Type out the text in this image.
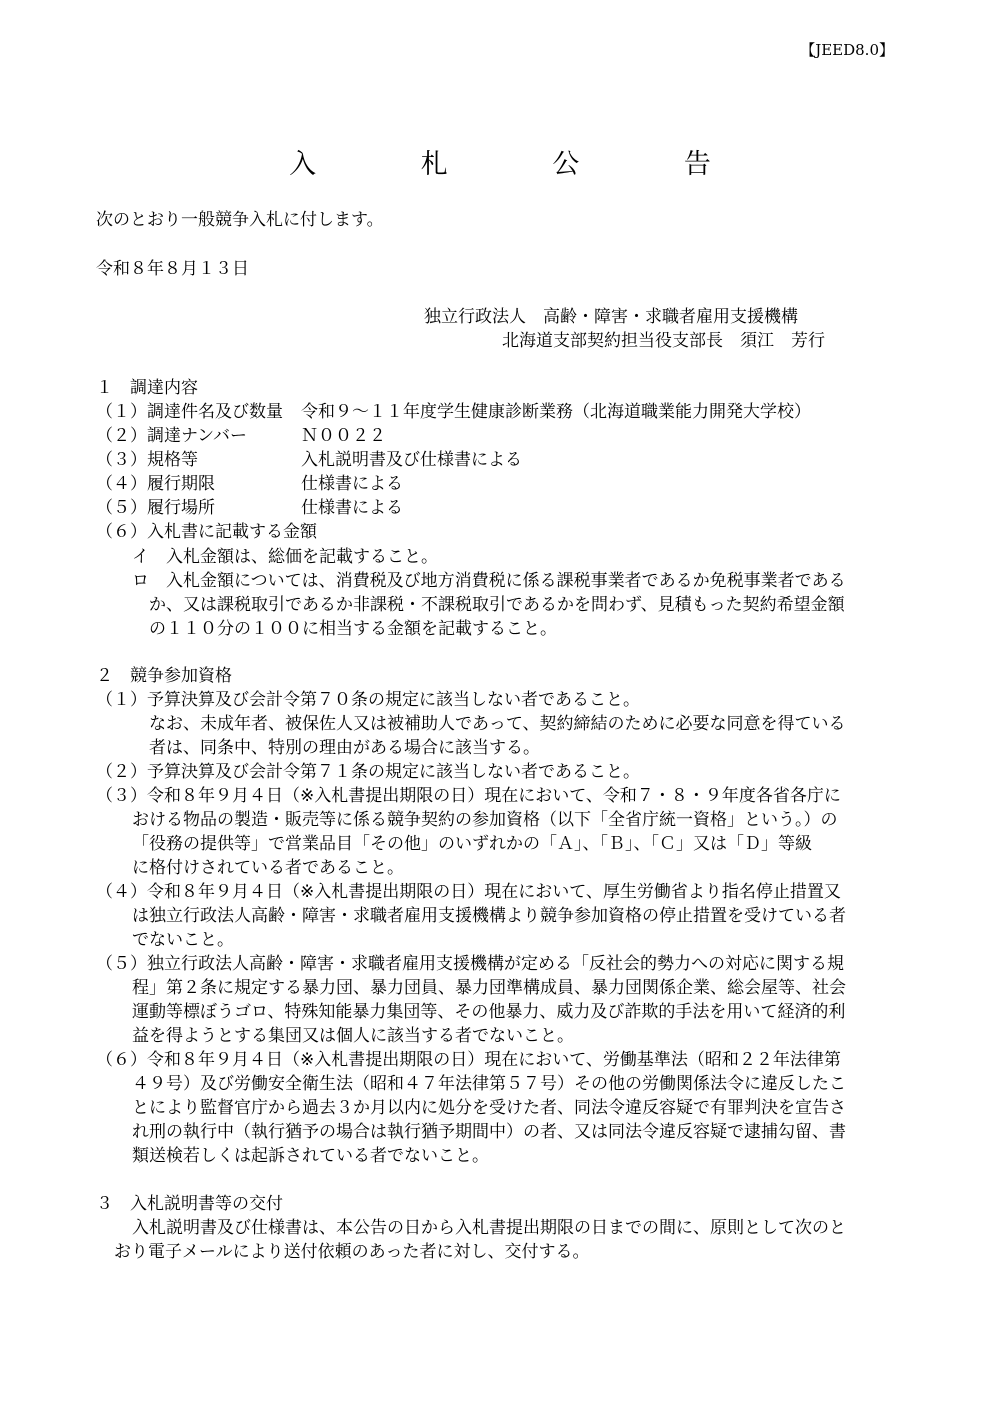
【JEED8.0】
入 札 公 告
次のとおり一般競争入札に付します。
令和８年８月１３日
独立行政法人　高齢・障害・求職者雇用支援機構
北海道支部契約担当役支部長　須江　芳行
１　調達内容
（１）調達件名及び数量 令和９～１１年度学生健康診断業務（北海道職業能力開発大学校）
（２）調達ナンバー	Ｎ００２２
（３）規格等	入札説明書及び仕様書による
（４）履行期限	仕様書による
（５）履行場所	仕様書による
（６）入札書に記載する金額
イ　入札金額は、総価を記載すること。
ロ　入札金額については、消費税及び地方消費税に係る課税事業者であるか免税事業者である
か、又は課税取引であるか非課税・不課税取引であるかを問わず、見積もった契約希望金額
の１１０分の１００に相当する金額を記載すること。
２　競争参加資格
（１）予算決算及び会計令第７０条の規定に該当しない者であること。
なお、未成年者、被保佐人又は被補助人であって、契約締結のために必要な同意を得ている
者は、同条中、特別の理由がある場合に該当する。
（２）予算決算及び会計令第７１条の規定に該当しない者であること。
（３）令和８年９月４日（※入札書提出期限の日）現在において、令和７・８・９年度各省各庁に
おける物品の製造・販売等に係る競争契約の参加資格（以下「全省庁統一資格」という。）の
「役務の提供等」で営業品目「その他」のいずれかの「Ａ」、「Ｂ」、「Ｃ」又は「Ｄ」等級
に格付けされている者であること。
（４）令和８年９月４日（※入札書提出期限の日）現在において、厚生労働省より指名停止措置又
は独立行政法人高齢・障害・求職者雇用支援機構より競争参加資格の停止措置を受けている者
でないこと。
（５）独立行政法人高齢・障害・求職者雇用支援機構が定める「反社会的勢力への対応に関する規
程」第２条に規定する暴力団、暴力団員、暴力団準構成員、暴力団関係企業、総会屋等、社会
運動等標ぼうゴロ、特殊知能暴力集団等、その他暴力、威力及び詐欺的手法を用いて経済的利
益を得ようとする集団又は個人に該当する者でないこと。
（６）令和８年９月４日（※入札書提出期限の日）現在において、労働基準法（昭和２２年法律第
４９号）及び労働安全衛生法（昭和４７年法律第５７号）その他の労働関係法令に違反したこ
とにより監督官庁から過去３か月以内に処分を受けた者、同法令違反容疑で有罪判決を宣告さ
れ刑の執行中（執行猶予の場合は執行猶予期間中）の者、又は同法令違反容疑で逮捕勾留、書
類送検若しくは起訴されている者でないこと。
３　入札説明書等の交付
入札説明書及び仕様書は、本公告の日から入札書提出期限の日までの間に、原則として次のと
おり電子メールにより送付依頼のあった者に対し、交付する。
